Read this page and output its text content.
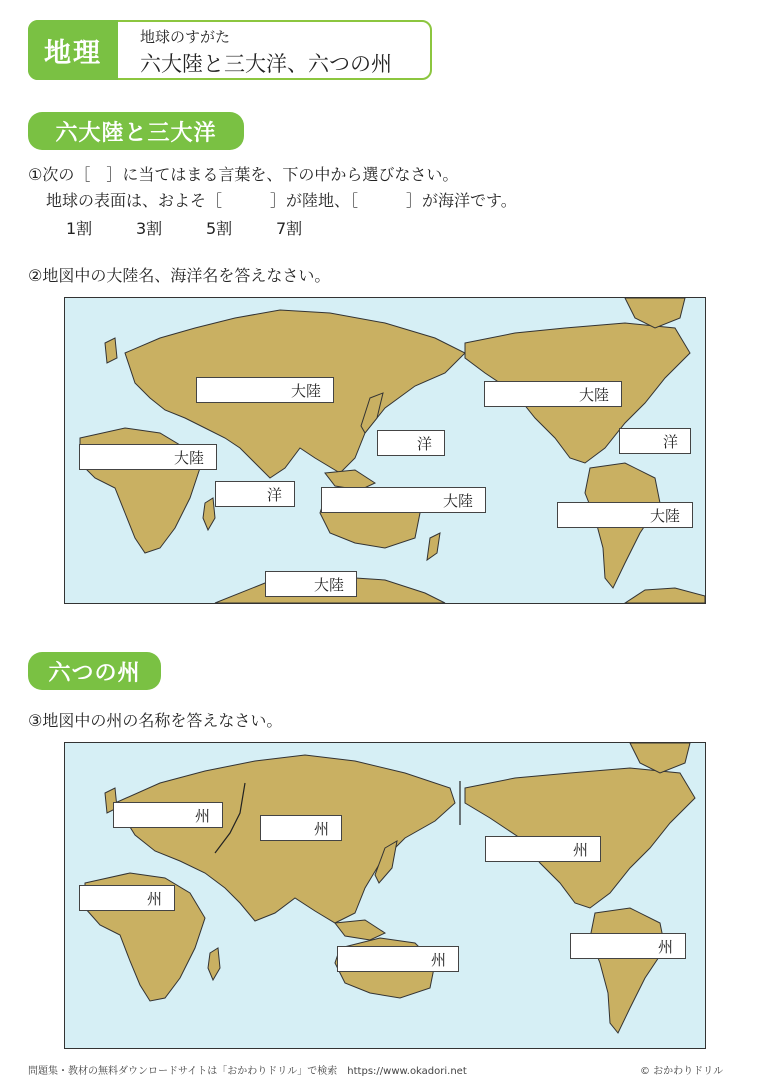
地理
地球のすがた
六大陸と三大洋、六つの州
六大陸と三大洋
①次の［　］に当てはまる言葉を、下の中から選びなさい。
地球の表面は、およそ［　　　］が陸地、［　　　］が海洋です。
1割	3割	5割	7割
②地図中の大陸名、海洋名を答えなさい。
大陸
大陸
大陸
洋	洋
洋	大陸
大陸
大陸
六つの州
③地図中の州の名称を答えなさい。
州
州
州
州
州
州
問題集・教材の無料ダウンロードサイトは「おかわりドリル」で検索　https://www.okadori.net	© おかわりドリル
